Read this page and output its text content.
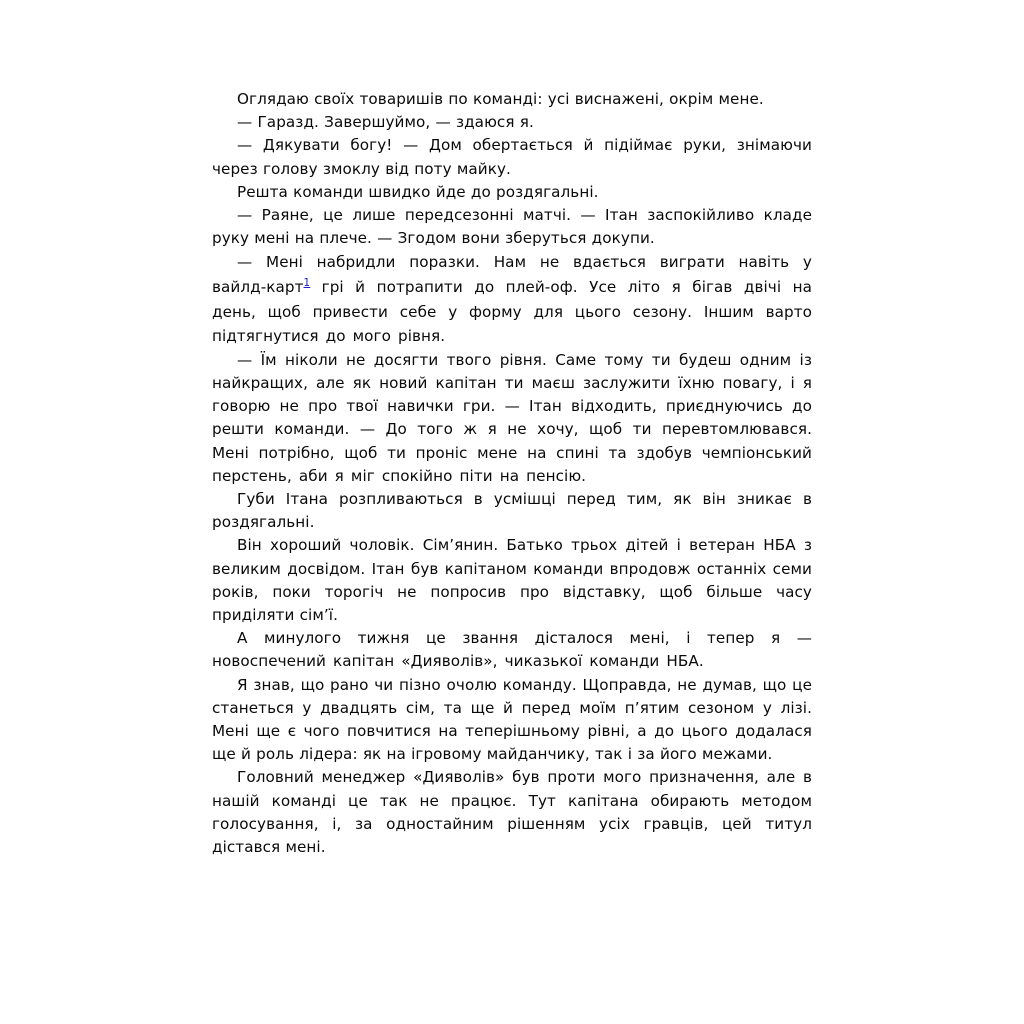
Оглядаю своїх товаришів по команді: усі виснажені, окрім мене.

— Гаразд. Завершуймо, — здаюся я.

— Дякувати богу! — Дом обертається й підіймає руки, знімаючи через голову змоклу від поту майку.

Решта команди швидко йде до роздягальні.

— Раяне, це лише передсезонні матчі. — Ітан заспокійливо кладе руку мені на плече. — Згодом вони зберуться докупи.

— Мені набридли поразки. Нам не вдається виграти навіть у вайлд-карт$^1$ грі й потрапити до плей-оф. Усе літо я бігав двічі на день, щоб привести себе у форму для цього сезону. Іншим варто підтягнутися до мого рівня.

— Їм ніколи не досягти твого рівня. Саме тому ти будеш одним із найкращих, але як новий капітан ти маєш заслужити їхню повагу, і я говорю не про твої навички гри. — Ітан відходить, приєднуючись до решти команди. — До того ж я не хочу, щоб ти перевтомлювався. Мені потрібно, щоб ти проніс мене на спині та здобув чемпіонський перстень, аби я міг спокійно піти на пенсію.

Губи Ітана розпливаються в усмішці перед тим, як він зникає в роздягальні.

Він хороший чоловік. Сім’янин. Батько трьох дітей і ветеран НБА з великим досвідом. Ітан був капітаном команди впродовж останніх семи років, поки торогіч не попросив про відставку, щоб більше часу приділяти сім’ї.

А минулого тижня це звання дісталося мені, і тепер я — новоспечений капітан «Дияволів», чиказької команди НБА.

Я знав, що рано чи пізно очолю команду. Щоправда, не думав, що це станеться у двадцять сім, та ще й перед моїм п’ятим сезоном у лізі. Мені ще є чого повчитися на теперішньому рівні, а до цього додалася ще й роль лідера: як на ігровому майданчику, так і за його межами.

Головний менеджер «Дияволів» був проти мого призначення, але в нашій команді це так не працює. Тут капітана обирають методом голосування, і, за одностайним рішенням усіх гравців, цей титул дістався мені.
